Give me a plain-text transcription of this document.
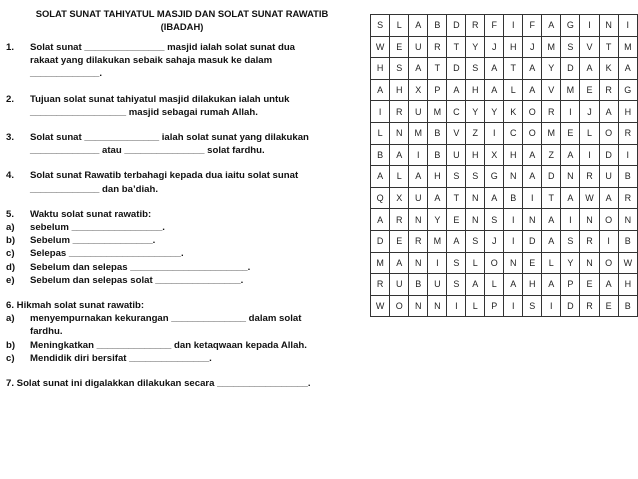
SOLAT SUNAT TAHIYATUL MASJID DAN SOLAT SUNAT RAWATIB
(IBADAH)
1.	Solat sunat _______________ masjid ialah solat sunat dua
rakaat yang dilakukan sebaik sahaja masuk ke dalam
_____________.
2.	Tujuan solat sunat tahiyatul masjid dilakukan ialah untuk
__________________ masjid sebagai rumah Allah.
3.	Solat sunat ______________ ialah solat sunat yang dilakukan
_____________ atau _______________ solat fardhu.
4.	Solat sunat Rawatib terbahagi kepada dua iaitu solat sunat
_____________ dan ba’diah.
5.	Waktu solat sunat rawatib:
a)	sebelum _________________.
b)	Sebelum _______________.
c)	Selepas _____________________.
d)	Sebelum dan selepas ______________________.
e)	Sebelum dan selepas solat ________________.
6. Hikmah solat sunat rawatib:
a)	menyempurnakan kekurangan ______________ dalam solat
fardhu.
b)	Meningkatkan ______________ dan ketaqwaan kepada Allah.
c)	Mendidik diri bersifat _______________.
7. Solat sunat ini digalakkan dilakukan secara _________________.
S	L	A	B	D	R	F	I	F	A	G	I	N	I
W	E	U	R	T	Y	J	H	J	M	S	V	T	M
H	S	A	T	D	S	A	T	A	Y	D	A	K	A
A	H	X	P	A	H	A	L	A	V	M	E	R	G
I	R	U	M	C	Y	Y	K	O	R	I	J	A	H
L	N	M	B	V	Z	I	C	O	M	E	L	O	R
B	A	I	B	U	H	X	H	A	Z	A	I	D	I
A	L	A	H	S	S	G	N	A	D	N	R	U	B
Q	X	U	A	T	N	A	B	I	T	A	W	A	R
A	R	N	Y	E	N	S	I	N	A	I	N	O	N
D	E	R	M	A	S	J	I	D	A	S	R	I	B
M	A	N	I	S	L	O	N	E	L	Y	N	O	W
R	U	B	U	S	A	L	A	H	A	P	E	A	H
W	O	N	N	I	L	P	I	S	I	D	R	E	B
